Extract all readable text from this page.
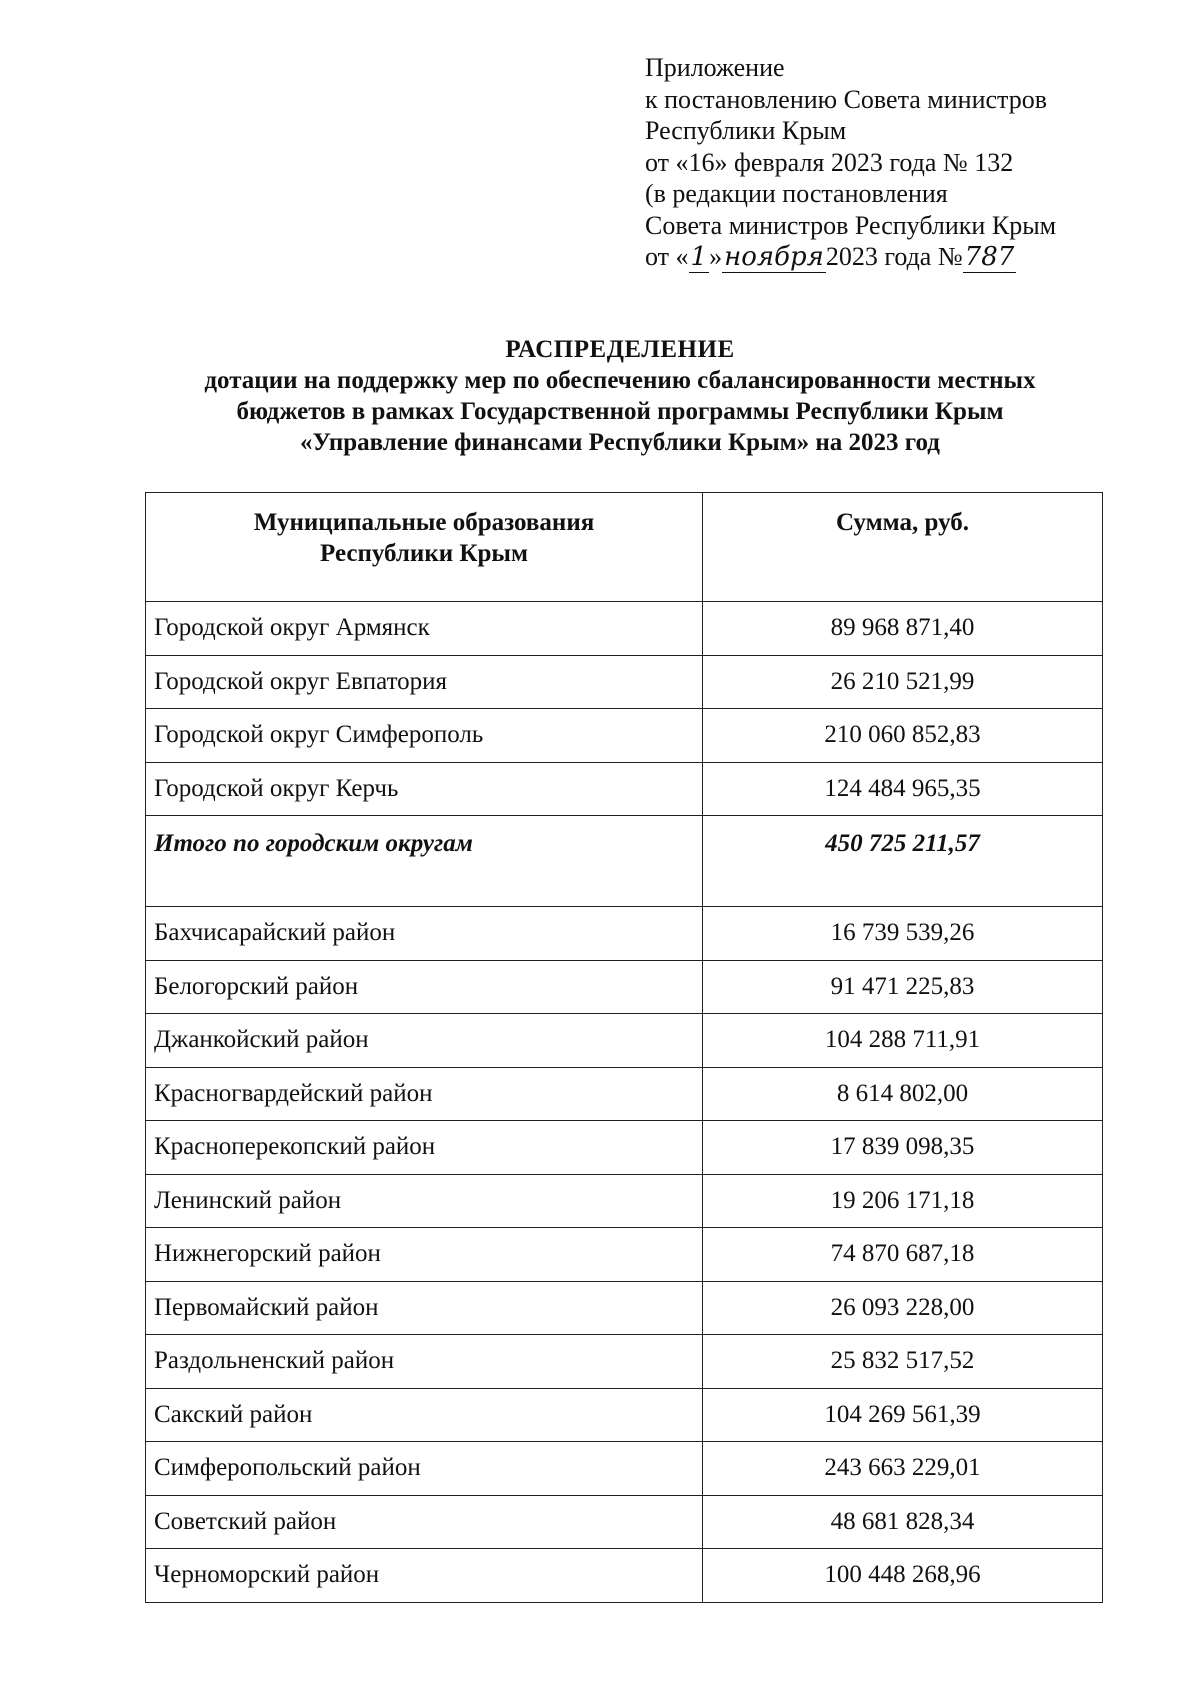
Приложение
к постановлению Совета министров
Республики Крым
от «16» февраля 2023 года № 132
(в редакции постановления
Совета министров Республики Крым
от «1»ноября2023 года №787
РАСПРЕДЕЛЕНИЕ
дотации на поддержку мер по обеспечению сбалансированности местных
бюджетов в рамках Государственной программы Республики Крым
«Управление финансами Республики Крым» на 2023 год
Муниципальные образования
Республики Крым	Сумма, руб.
Городской округ Армянск	89 968 871,40
Городской округ Евпатория	26 210 521,99
Городской округ Симферополь	210 060 852,83
Городской округ Керчь	124 484 965,35
Итого по городским округам	450 725 211,57
Бахчисарайский район	16 739 539,26
Белогорский район	91 471 225,83
Джанкойский район	104 288 711,91
Красногвардейский район	8 614 802,00
Красноперекопский район	17 839 098,35
Ленинский район	19 206 171,18
Нижнегорский район	74 870 687,18
Первомайский район	26 093 228,00
Раздольненский район	25 832 517,52
Сакский район	104 269 561,39
Симферопольский район	243 663 229,01
Советский район	48 681 828,34
Черноморский район	100 448 268,96
